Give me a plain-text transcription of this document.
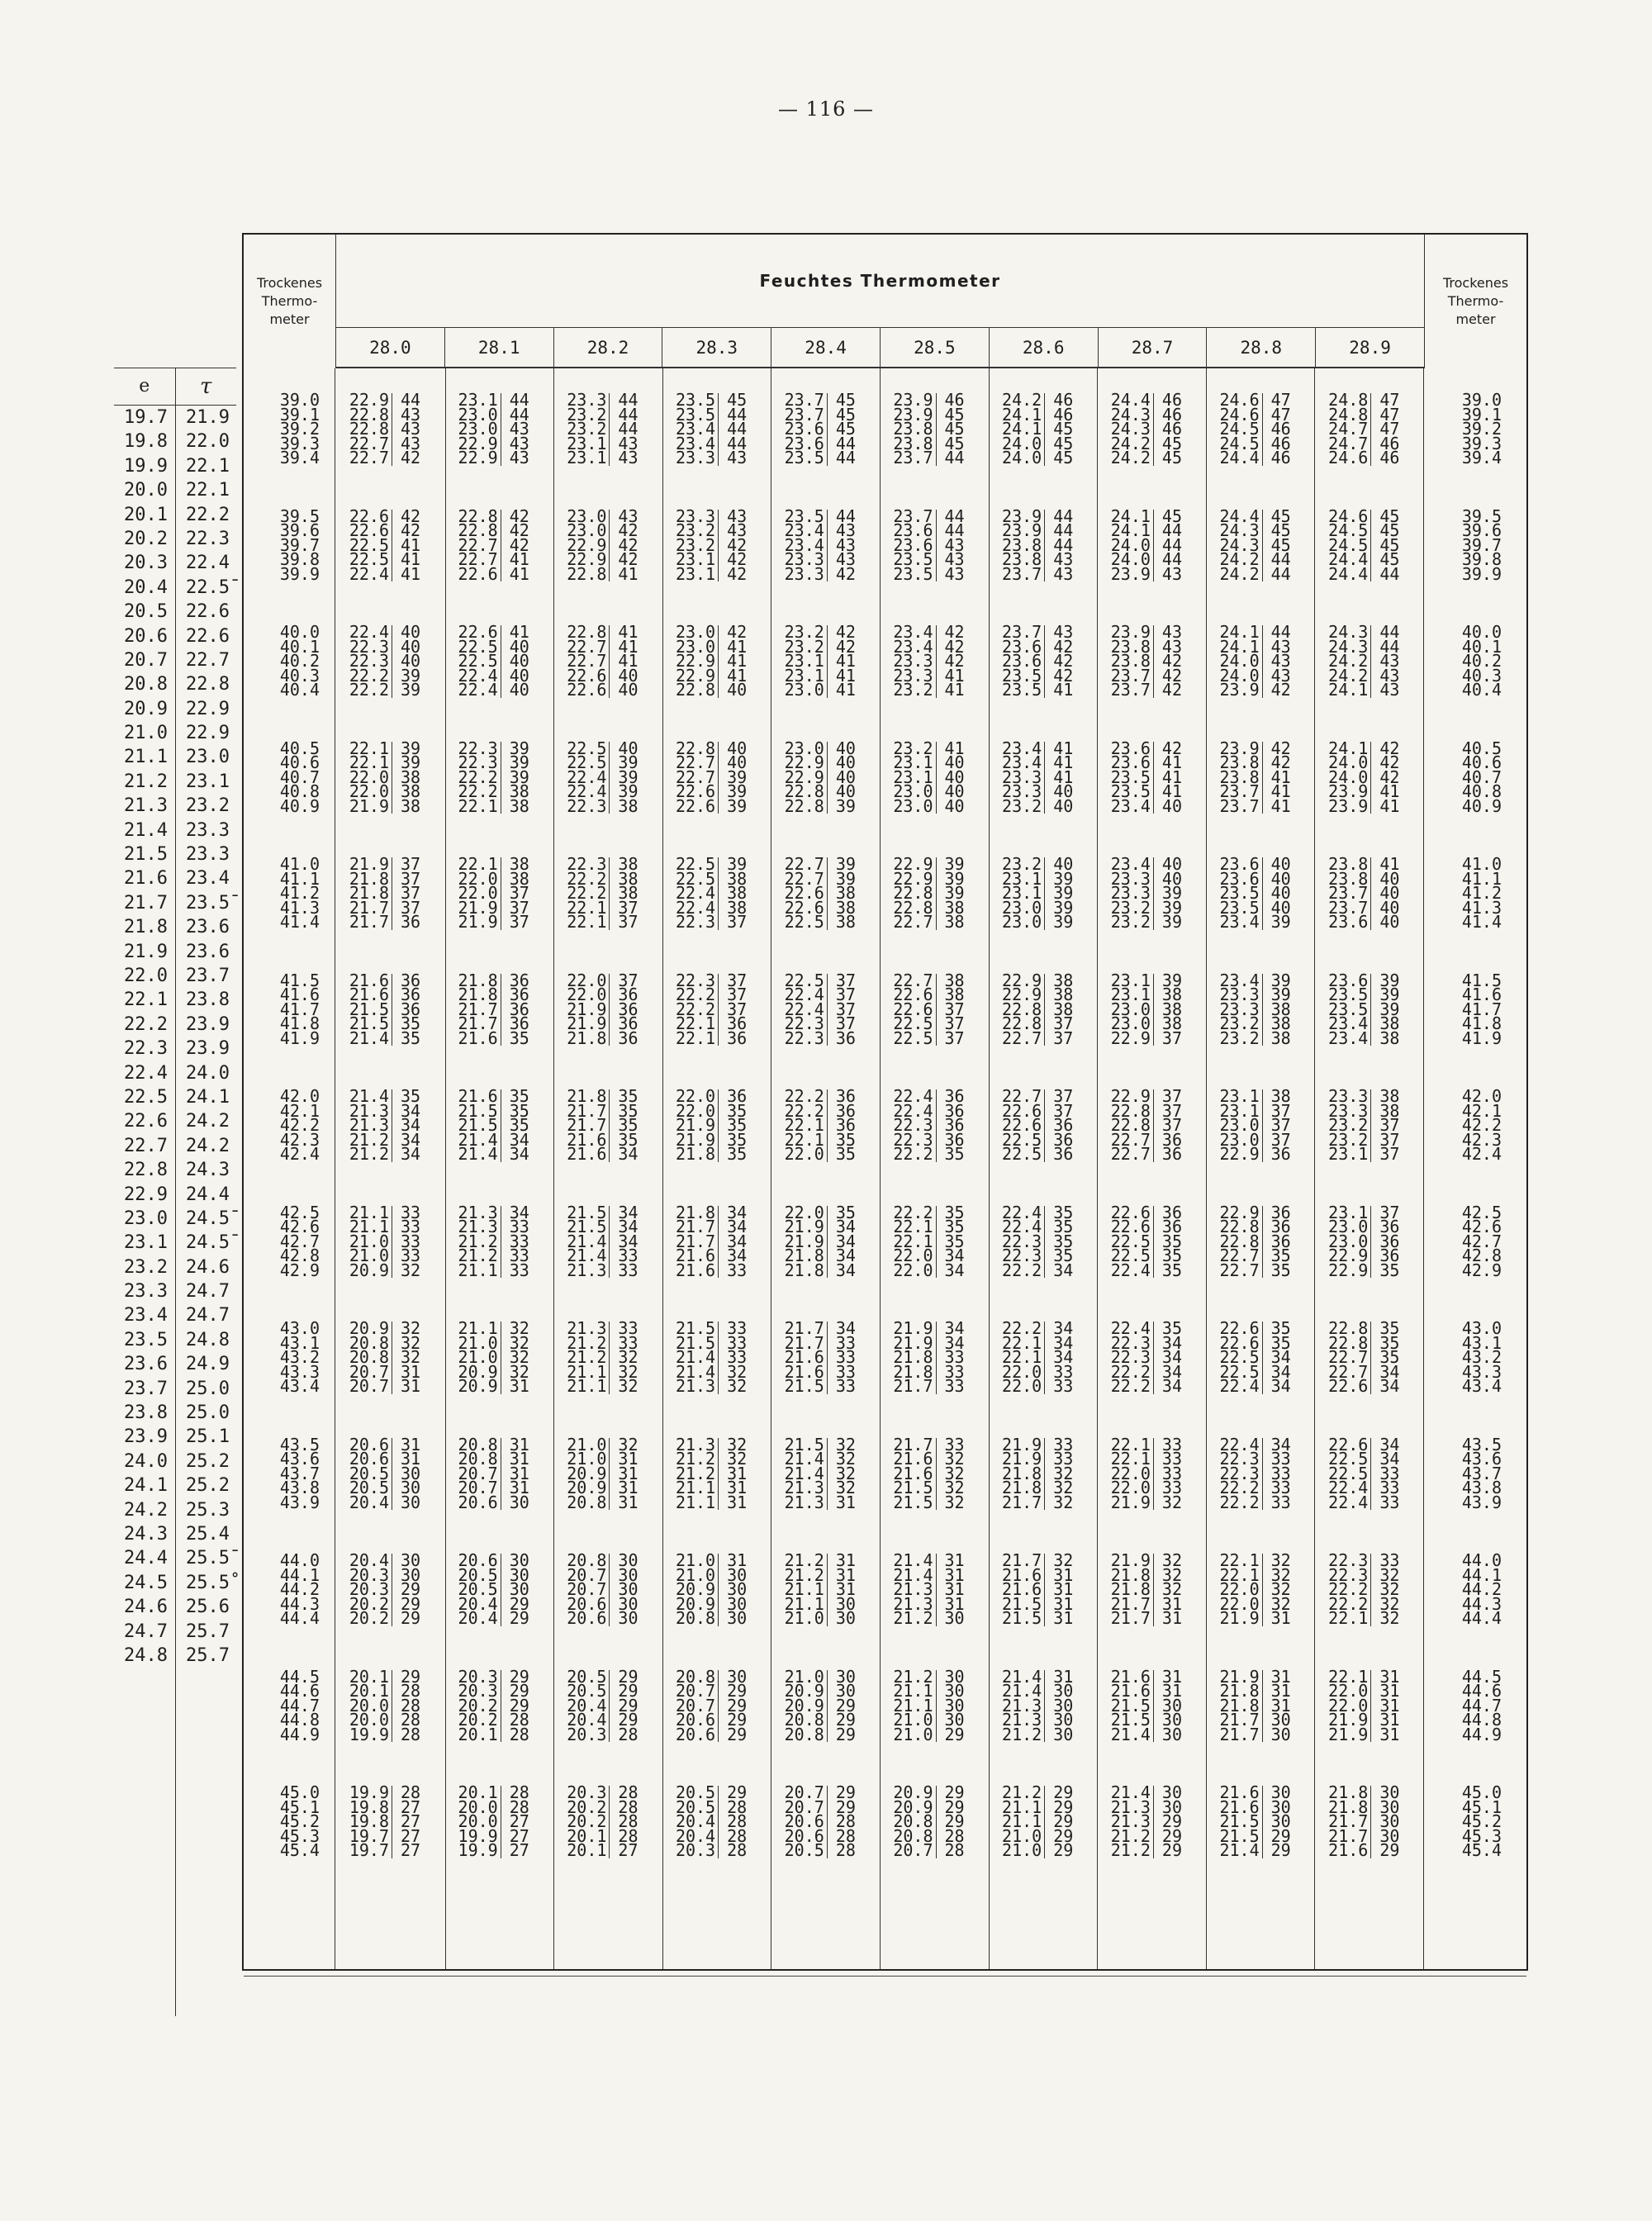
— 116 —
e	τ
19.7	21.9
19.8	22.0
19.9	22.1
20.0	22.1
20.1	22.2
20.2	22.3
20.3	22.4
20.4	22.5̄
20.5	22.6
20.6	22.6
20.7	22.7
20.8	22.8
20.9	22.9
21.0	22.9
21.1	23.0
21.2	23.1
21.3	23.2
21.4	23.3
21.5	23.3
21.6	23.4
21.7	23.5̄
21.8	23.6
21.9	23.6
22.0	23.7
22.1	23.8
22.2	23.9
22.3	23.9
22.4	24.0
22.5	24.1
22.6	24.2
22.7	24.2
22.8	24.3
22.9	24.4
23.0	24.5̄
23.1	24.5̄
23.2	24.6
23.3	24.7
23.4	24.7
23.5	24.8
23.6	24.9
23.7	25.0
23.8	25.0
23.9	25.1
24.0	25.2
24.1	25.2
24.2	25.3
24.3	25.4
24.4	25.5̄
24.5	25.5̊
24.6	25.6
24.7	25.7
24.8	25.7
Trockenes
Thermo-
meter
Feuchtes Thermometer
28.0	28.1	28.2	28.3	28.4	28.5	28.6	28.7	28.8	28.9
Trockenes
Thermo-
meter
39.0	22.9 44	23.1 44	23.3 44	23.5 45	23.7 45	23.9 46	24.2 46	24.4 46	24.6 47	24.8 47	39.0
39.1	22.8 43	23.0 44	23.2 44	23.5 44	23.7 45	23.9 45	24.1 46	24.3 46	24.6 47	24.8 47	39.1
39.2	22.8 43	23.0 43	23.2 44	23.4 44	23.6 45	23.8 45	24.1 45	24.3 46	24.5 46	24.7 47	39.2
39.3	22.7 43	22.9 43	23.1 43	23.4 44	23.6 44	23.8 45	24.0 45	24.2 45	24.5 46	24.7 46	39.3
39.4	22.7 42	22.9 43	23.1 43	23.3 43	23.5 44	23.7 44	24.0 45	24.2 45	24.4 46	24.6 46	39.4
39.5	22.6 42	22.8 42	23.0 43	23.3 43	23.5 44	23.7 44	23.9 44	24.1 45	24.4 45	24.6 45	39.5
39.6	22.6 42	22.8 42	23.0 42	23.2 43	23.4 43	23.6 44	23.9 44	24.1 44	24.3 45	24.5 45	39.6
39.7	22.5 41	22.7 42	22.9 42	23.2 42	23.4 43	23.6 43	23.8 44	24.0 44	24.3 45	24.5 45	39.7
39.8	22.5 41	22.7 41	22.9 42	23.1 42	23.3 43	23.5 43	23.8 43	24.0 44	24.2 44	24.4 45	39.8
39.9	22.4 41	22.6 41	22.8 41	23.1 42	23.3 42	23.5 43	23.7 43	23.9 43	24.2 44	24.4 44	39.9
40.0	22.4 40	22.6 41	22.8 41	23.0 42	23.2 42	23.4 42	23.7 43	23.9 43	24.1 44	24.3 44	40.0
40.1	22.3 40	22.5 40	22.7 41	23.0 41	23.2 42	23.4 42	23.6 42	23.8 43	24.1 43	24.3 44	40.1
40.2	22.3 40	22.5 40	22.7 41	22.9 41	23.1 41	23.3 42	23.6 42	23.8 42	24.0 43	24.2 43	40.2
40.3	22.2 39	22.4 40	22.6 40	22.9 41	23.1 41	23.3 41	23.5 42	23.7 42	24.0 43	24.2 43	40.3
40.4	22.2 39	22.4 40	22.6 40	22.8 40	23.0 41	23.2 41	23.5 41	23.7 42	23.9 42	24.1 43	40.4
40.5	22.1 39	22.3 39	22.5 40	22.8 40	23.0 40	23.2 41	23.4 41	23.6 42	23.9 42	24.1 42	40.5
40.6	22.1 39	22.3 39	22.5 39	22.7 40	22.9 40	23.1 40	23.4 41	23.6 41	23.8 42	24.0 42	40.6
40.7	22.0 38	22.2 39	22.4 39	22.7 39	22.9 40	23.1 40	23.3 41	23.5 41	23.8 41	24.0 42	40.7
40.8	22.0 38	22.2 38	22.4 39	22.6 39	22.8 40	23.0 40	23.3 40	23.5 41	23.7 41	23.9 41	40.8
40.9	21.9 38	22.1 38	22.3 38	22.6 39	22.8 39	23.0 40	23.2 40	23.4 40	23.7 41	23.9 41	40.9
41.0	21.9 37	22.1 38	22.3 38	22.5 39	22.7 39	22.9 39	23.2 40	23.4 40	23.6 40	23.8 41	41.0
41.1	21.8 37	22.0 38	22.2 38	22.5 38	22.7 39	22.9 39	23.1 39	23.3 40	23.6 40	23.8 40	41.1
41.2	21.8 37	22.0 37	22.2 38	22.4 38	22.6 38	22.8 39	23.1 39	23.3 39	23.5 40	23.7 40	41.2
41.3	21.7 37	21.9 37	22.1 37	22.4 38	22.6 38	22.8 38	23.0 39	23.2 39	23.5 40	23.7 40	41.3
41.4	21.7 36	21.9 37	22.1 37	22.3 37	22.5 38	22.7 38	23.0 39	23.2 39	23.4 39	23.6 40	41.4
41.5	21.6 36	21.8 36	22.0 37	22.3 37	22.5 37	22.7 38	22.9 38	23.1 39	23.4 39	23.6 39	41.5
41.6	21.6 36	21.8 36	22.0 36	22.2 37	22.4 37	22.6 38	22.9 38	23.1 38	23.3 39	23.5 39	41.6
41.7	21.5 36	21.7 36	21.9 36	22.2 37	22.4 37	22.6 37	22.8 38	23.0 38	23.3 38	23.5 39	41.7
41.8	21.5 35	21.7 36	21.9 36	22.1 36	22.3 37	22.5 37	22.8 37	23.0 38	23.2 38	23.4 38	41.8
41.9	21.4 35	21.6 35	21.8 36	22.1 36	22.3 36	22.5 37	22.7 37	22.9 37	23.2 38	23.4 38	41.9
42.0	21.4 35	21.6 35	21.8 35	22.0 36	22.2 36	22.4 36	22.7 37	22.9 37	23.1 38	23.3 38	42.0
42.1	21.3 34	21.5 35	21.7 35	22.0 35	22.2 36	22.4 36	22.6 37	22.8 37	23.1 37	23.3 38	42.1
42.2	21.3 34	21.5 35	21.7 35	21.9 35	22.1 36	22.3 36	22.6 36	22.8 37	23.0 37	23.2 37	42.2
42.3	21.2 34	21.4 34	21.6 35	21.9 35	22.1 35	22.3 36	22.5 36	22.7 36	23.0 37	23.2 37	42.3
42.4	21.2 34	21.4 34	21.6 34	21.8 35	22.0 35	22.2 35	22.5 36	22.7 36	22.9 36	23.1 37	42.4
42.5	21.1 33	21.3 34	21.5 34	21.8 34	22.0 35	22.2 35	22.4 35	22.6 36	22.9 36	23.1 37	42.5
42.6	21.1 33	21.3 33	21.5 34	21.7 34	21.9 34	22.1 35	22.4 35	22.6 36	22.8 36	23.0 36	42.6
42.7	21.0 33	21.2 33	21.4 34	21.7 34	21.9 34	22.1 35	22.3 35	22.5 35	22.8 36	23.0 36	42.7
42.8	21.0 33	21.2 33	21.4 33	21.6 34	21.8 34	22.0 34	22.3 35	22.5 35	22.7 35	22.9 36	42.8
42.9	20.9 32	21.1 33	21.3 33	21.6 33	21.8 34	22.0 34	22.2 34	22.4 35	22.7 35	22.9 35	42.9
43.0	20.9 32	21.1 32	21.3 33	21.5 33	21.7 34	21.9 34	22.2 34	22.4 35	22.6 35	22.8 35	43.0
43.1	20.8 32	21.0 32	21.2 33	21.5 33	21.7 33	21.9 34	22.1 34	22.3 34	22.6 35	22.8 35	43.1
43.2	20.8 32	21.0 32	21.2 32	21.4 33	21.6 33	21.8 33	22.1 34	22.3 34	22.5 34	22.7 35	43.2
43.3	20.7 31	20.9 32	21.1 32	21.4 32	21.6 33	21.8 33	22.0 33	22.2 34	22.5 34	22.7 34	43.3
43.4	20.7 31	20.9 31	21.1 32	21.3 32	21.5 33	21.7 33	22.0 33	22.2 34	22.4 34	22.6 34	43.4
43.5	20.6 31	20.8 31	21.0 32	21.3 32	21.5 32	21.7 33	21.9 33	22.1 33	22.4 34	22.6 34	43.5
43.6	20.6 31	20.8 31	21.0 31	21.2 32	21.4 32	21.6 32	21.9 33	22.1 33	22.3 33	22.5 34	43.6
43.7	20.5 30	20.7 31	20.9 31	21.2 31	21.4 32	21.6 32	21.8 32	22.0 33	22.3 33	22.5 33	43.7
43.8	20.5 30	20.7 31	20.9 31	21.1 31	21.3 32	21.5 32	21.8 32	22.0 33	22.2 33	22.4 33	43.8
43.9	20.4 30	20.6 30	20.8 31	21.1 31	21.3 31	21.5 32	21.7 32	21.9 32	22.2 33	22.4 33	43.9
44.0	20.4 30	20.6 30	20.8 30	21.0 31	21.2 31	21.4 31	21.7 32	21.9 32	22.1 32	22.3 33	44.0
44.1	20.3 30	20.5 30	20.7 30	21.0 30	21.2 31	21.4 31	21.6 31	21.8 32	22.1 32	22.3 32	44.1
44.2	20.3 29	20.5 30	20.7 30	20.9 30	21.1 31	21.3 31	21.6 31	21.8 32	22.0 32	22.2 32	44.2
44.3	20.2 29	20.4 29	20.6 30	20.9 30	21.1 30	21.3 31	21.5 31	21.7 31	22.0 32	22.2 32	44.3
44.4	20.2 29	20.4 29	20.6 30	20.8 30	21.0 30	21.2 30	21.5 31	21.7 31	21.9 31	22.1 32	44.4
44.5	20.1 29	20.3 29	20.5 29	20.8 30	21.0 30	21.2 30	21.4 31	21.6 31	21.9 31	22.1 31	44.5
44.6	20.1 28	20.3 29	20.5 29	20.7 29	20.9 30	21.1 30	21.4 30	21.6 31	21.8 31	22.0 31	44.6
44.7	20.0 28	20.2 29	20.4 29	20.7 29	20.9 29	21.1 30	21.3 30	21.5 30	21.8 31	22.0 31	44.7
44.8	20.0 28	20.2 28	20.4 29	20.6 29	20.8 29	21.0 30	21.3 30	21.5 30	21.7 30	21.9 31	44.8
44.9	19.9 28	20.1 28	20.3 28	20.6 29	20.8 29	21.0 29	21.2 30	21.4 30	21.7 30	21.9 31	44.9
45.0	19.9 28	20.1 28	20.3 28	20.5 29	20.7 29	20.9 29	21.2 29	21.4 30	21.6 30	21.8 30	45.0
45.1	19.8 27	20.0 28	20.2 28	20.5 28	20.7 29	20.9 29	21.1 29	21.3 30	21.6 30	21.8 30	45.1
45.2	19.8 27	20.0 27	20.2 28	20.4 28	20.6 28	20.8 29	21.1 29	21.3 29	21.5 30	21.7 30	45.2
45.3	19.7 27	19.9 27	20.1 28	20.4 28	20.6 28	20.8 28	21.0 29	21.2 29	21.5 29	21.7 30	45.3
45.4	19.7 27	19.9 27	20.1 27	20.3 28	20.5 28	20.7 28	21.0 29	21.2 29	21.4 29	21.6 29	45.4
